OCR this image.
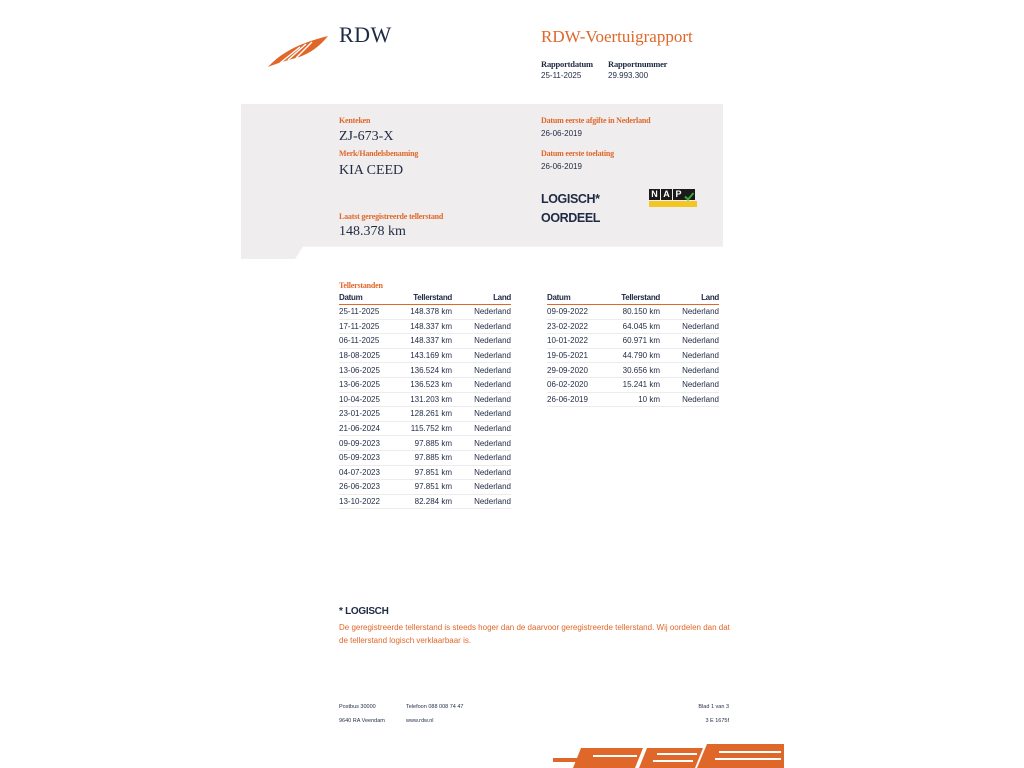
RDW	RDW-Voertuigrapport
Rapportdatum
25-11-2025
Rapportnummer
29.993.300
Kenteken
ZJ-673-X
Merk/Handelsbenaming
KIA CEED
Laatst geregistreerde tellerstand
148.378 km
Datum eerste afgifte in Nederland
26-06-2019
Datum eerste toelating
26-06-2019
LOGISCH*
OORDEEL
N A P
Tellerstanden
Datum	Tellerstand	Land
25-11-2025	148.378 km	Nederland
17-11-2025	148.337 km	Nederland
06-11-2025	148.337 km	Nederland
18-08-2025	143.169 km	Nederland
13-06-2025	136.524 km	Nederland
13-06-2025	136.523 km	Nederland
10-04-2025	131.203 km	Nederland
23-01-2025	128.261 km	Nederland
21-06-2024	115.752 km	Nederland
09-09-2023	97.885 km	Nederland
05-09-2023	97.885 km	Nederland
04-07-2023	97.851 km	Nederland
26-06-2023	97.851 km	Nederland
13-10-2022	82.284 km	Nederland
Datum	Tellerstand	Land
09-09-2022	80.150 km	Nederland
23-02-2022	64.045 km	Nederland
10-01-2022	60.971 km	Nederland
19-05-2021	44.790 km	Nederland
29-09-2020	30.656 km	Nederland
06-02-2020	15.241 km	Nederland
26-06-2019	10 km	Nederland
* LOGISCH
De geregistreerde tellerstand is steeds hoger dan de daarvoor geregistreerde tellerstand. Wij oordelen dan dat de tellerstand logisch verklaarbaar is.
Postbus 30000
9640 RA Veendam
Telefoon 088 008 74 47
www.rdw.nl
Blad 1 van 3
3 E 1675f
